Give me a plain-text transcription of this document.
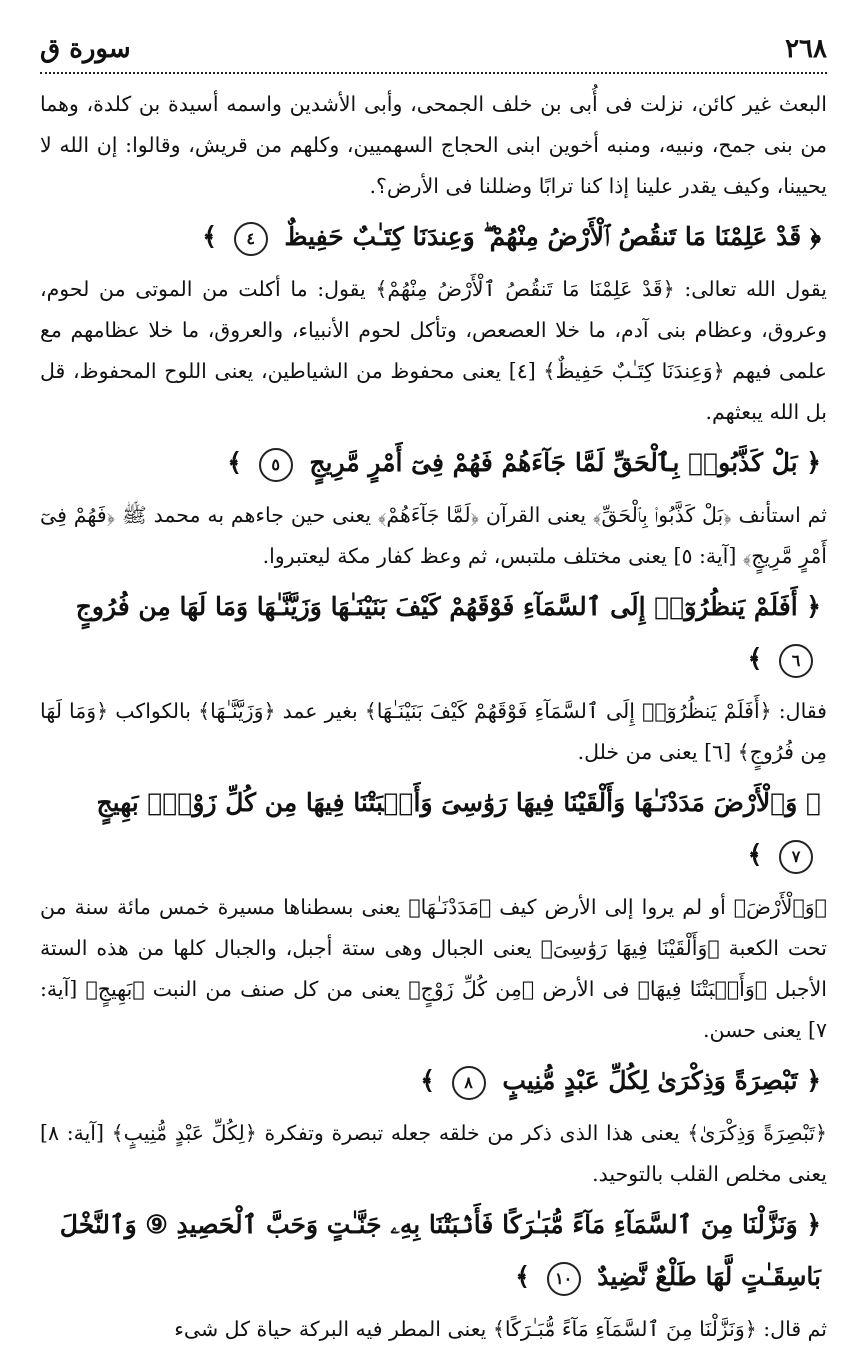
٢٦٨
سورة ق

البعث غير كائن، نزلت فى أُبى بن خلف الجمحى، وأبى الأشدين واسمه أسيدة بن كلدة، وهما من بنى جمح، ونبيه، ومنبه أخوين ابنى الحجاج السهميين، وكلهم من قريش، وقالوا: إن الله لا يحيينا، وكيف يقدر علينا إذا كنا ترابًا وضللنا فى الأرض؟.

﴿ قَدْ عَلِمْنَا مَا تَنقُصُ ٱلْأَرْضُ مِنْهُمْ ۖ وَعِندَنَا كِتَـٰبٌ حَفِيظٌ ٤ ﴾

يقول الله تعالى: ﴿قَدْ عَلِمْنَا مَا تَنقُصُ ٱلْأَرْضُ مِنْهُمْ﴾ يقول: ما أكلت من الموتى من لحوم، وعروق، وعظام بنى آدم، ما خلا العصعص، وتأكل لحوم الأنبياء، والعروق، ما خلا عظامهم مع علمى فيهم ﴿وَعِندَنَا كِتَـٰبٌ حَفِيظٌ﴾ [٤] يعنى محفوظ من الشياطين، يعنى اللوح المحفوظ، قل بل الله يبعثهم.

﴿ بَلْ كَذَّبُوا۟ بِٱلْحَقِّ لَمَّا جَآءَهُمْ فَهُمْ فِىٓ أَمْرٍ مَّرِيجٍ ٥ ﴾

ثم استأنف ﴿بَلْ كَذَّبُوا۟ بِٱلْحَقِّ﴾ يعنى القرآن ﴿لَمَّا جَآءَهُمْ﴾ يعنى حين جاءهم به محمد ﷺ ﴿فَهُمْ فِىٓ أَمْرٍ مَّرِيجٍ﴾ [آية: ٥] يعنى مختلف ملتبس، ثم وعظ كفار مكة ليعتبروا.

﴿ أَفَلَمْ يَنظُرُوٓا۟ إِلَى ٱلسَّمَآءِ فَوْقَهُمْ كَيْفَ بَنَيْنَـٰهَا وَزَيَّنَّـٰهَا وَمَا لَهَا مِن فُرُوجٍ ٦ ﴾

فقال: ﴿أَفَلَمْ يَنظُرُوٓا۟ إِلَى ٱلسَّمَآءِ فَوْقَهُمْ كَيْفَ بَنَيْنَـٰهَا﴾ بغير عمد ﴿وَزَيَّنَّـٰهَا﴾ بالكواكب ﴿وَمَا لَهَا مِن فُرُوجٍ﴾ [٦] يعنى من خلل.

﴿ وَٱلْأَرْضَ مَدَدْنَـٰهَا وَأَلْقَيْنَا فِيهَا رَوَٰسِىَ وَأَنۢبَتْنَا فِيهَا مِن كُلِّ زَوْجٍۭ بَهِيجٍ ٧ ﴾

﴿وَٱلْأَرْضَ﴾ أو لم يروا إلى الأرض كيف ﴿مَدَدْنَـٰهَا﴾ يعنى بسطناها مسيرة خمس مائة سنة من تحت الكعبة ﴿وَأَلْقَيْنَا فِيهَا رَوَٰسِىَ﴾ يعنى الجبال وهى ستة أجبل، والجبال كلها من هذه الستة الأجبل ﴿وَأَنۢبَتْنَا فِيهَا﴾ فى الأرض ﴿مِن كُلِّ زَوْجٍ﴾ يعنى من كل صنف من النبت ﴿بَهِيجٍ﴾ [آية: ٧] يعنى حسن.

﴿ تَبْصِرَةً وَذِكْرَىٰ لِكُلِّ عَبْدٍ مُّنِيبٍ ٨ ﴾

﴿تَبْصِرَةً وَذِكْرَىٰ﴾ يعنى هذا الذى ذكر من خلقه جعله تبصرة وتفكرة ﴿لِكُلِّ عَبْدٍ مُّنِيبٍ﴾ [آية: ٨] يعنى مخلص القلب بالتوحيد.

﴿ وَنَزَّلْنَا مِنَ ٱلسَّمَآءِ مَآءً مُّبَـٰرَكًا فَأَنۢبَتْنَا بِهِۦ جَنَّـٰتٍ وَحَبَّ ٱلْحَصِيدِ ⑨ وَٱلنَّخْلَ بَاسِقَـٰتٍ لَّهَا طَلْعٌ نَّضِيدٌ ١٠ ﴾

ثم قال: ﴿وَنَزَّلْنَا مِنَ ٱلسَّمَآءِ مَآءً مُّبَـٰرَكًا﴾ يعنى المطر فيه البركة حياة كل شىء
